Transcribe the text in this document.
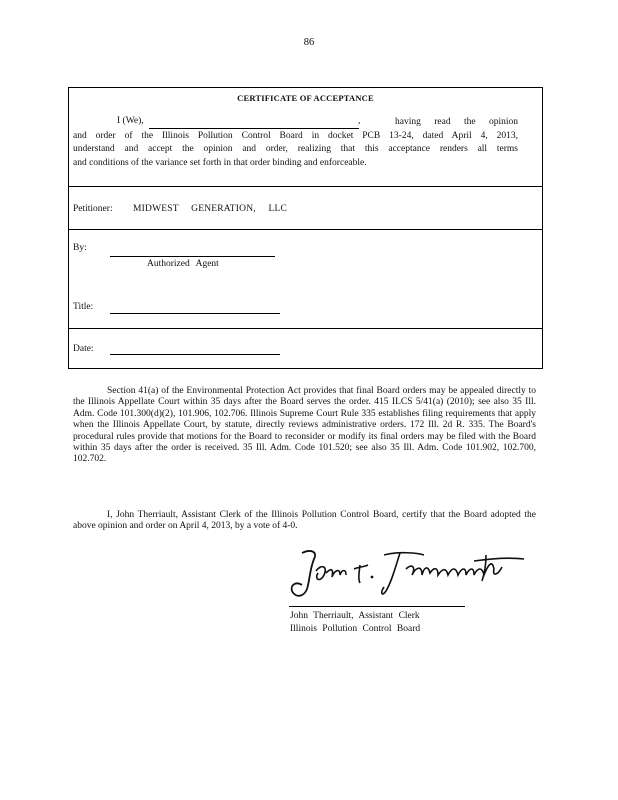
86
CERTIFICATE OF ACCEPTANCE
I (We),	,	having read the opinion
and order of the Illinois Pollution Control Board in docket PCB 13-24, dated April 4, 2013,
understand and accept the opinion and order, realizing that this acceptance renders all terms
and conditions of the variance set forth in that order binding and enforceable.
Petitioner: MIDWEST GENERATION, LLC
By:
Authorized Agent
Title:
Date:

Section 41(a) of the Environmental Protection Act provides that final Board orders may be appealed directly to the Illinois Appellate Court within 35 days after the Board serves the order. 415 ILCS 5/41(a) (2010); see also 35 Ill. Adm. Code 101.300(d)(2), 101.906, 102.706. Illinois Supreme Court Rule 335 establishes filing requirements that apply when the Illinois Appellate Court, by statute, directly reviews administrative orders. 172 Ill. 2d R. 335. The Board's procedural rules provide that motions for the Board to reconsider or modify its final orders may be filed with the Board within 35 days after the order is received. 35 Ill. Adm. Code 101.520; see also 35 Ill. Adm. Code 101.902, 102.700, 102.702.

I, John Therriault, Assistant Clerk of the Illinois Pollution Control Board, certify that the Board adopted the above opinion and order on April 4, 2013, by a vote of 4-0.

John Therriault, Assistant Clerk
Illinois Pollution Control Board
